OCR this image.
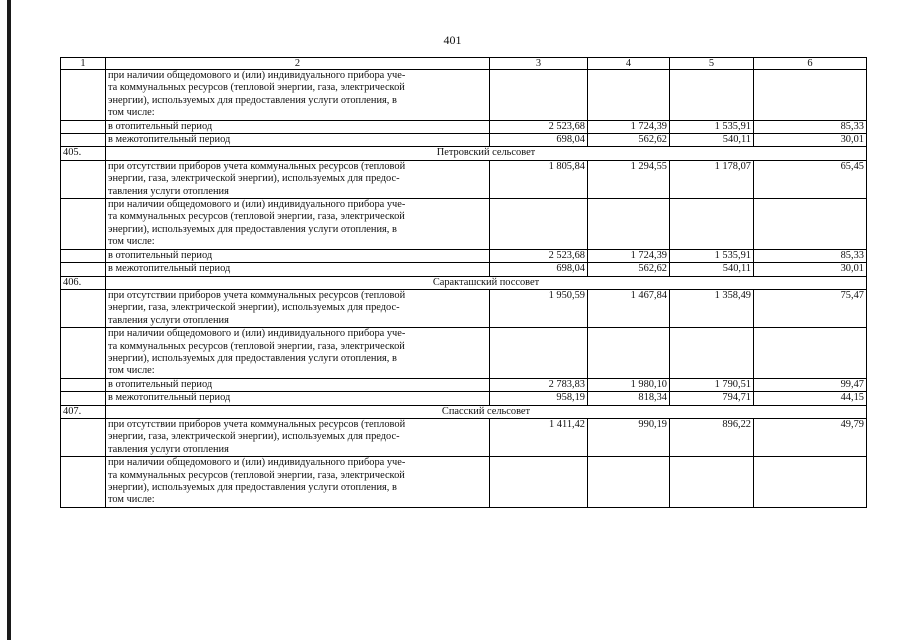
401
1	2	3	4	5	6
	при наличии общедомового и (или) индивидуального прибора уче-
та коммунальных ресурсов (тепловой энергии, газа, электрической
энергии), используемых для предоставления услуги отопления, в
том числе:				
	в отопительный период	2 523,68	1 724,39	1 535,91	85,33
	в межотопительный период	698,04	562,62	540,11	30,01
405.	Петровский сельсовет				
	при отсутствии приборов учета коммунальных ресурсов (тепловой
энергии, газа, электрической энергии), используемых для предос-
тавления услуги отопления	1 805,84	1 294,55	1 178,07	65,45
	при наличии общедомового и (или) индивидуального прибора уче-
та коммунальных ресурсов (тепловой энергии, газа, электрической
энергии), используемых для предоставления услуги отопления, в
том числе:				
	в отопительный период	2 523,68	1 724,39	1 535,91	85,33
	в межотопительный период	698,04	562,62	540,11	30,01
406.	Саракташский поссовет				
	при отсутствии приборов учета коммунальных ресурсов (тепловой
энергии, газа, электрической энергии), используемых для предос-
тавления услуги отопления	1 950,59	1 467,84	1 358,49	75,47
	при наличии общедомового и (или) индивидуального прибора уче-
та коммунальных ресурсов (тепловой энергии, газа, электрической
энергии), используемых для предоставления услуги отопления, в
том числе:				
	в отопительный период	2 783,83	1 980,10	1 790,51	99,47
	в межотопительный период	958,19	818,34	794,71	44,15
407.	Спасский сельсовет				
	при отсутствии приборов учета коммунальных ресурсов (тепловой
энергии, газа, электрической энергии), используемых для предос-
тавления услуги отопления	1 411,42	990,19	896,22	49,79
	при наличии общедомового и (или) индивидуального прибора уче-
та коммунальных ресурсов (тепловой энергии, газа, электрической
энергии), используемых для предоставления услуги отопления, в
том числе:				
